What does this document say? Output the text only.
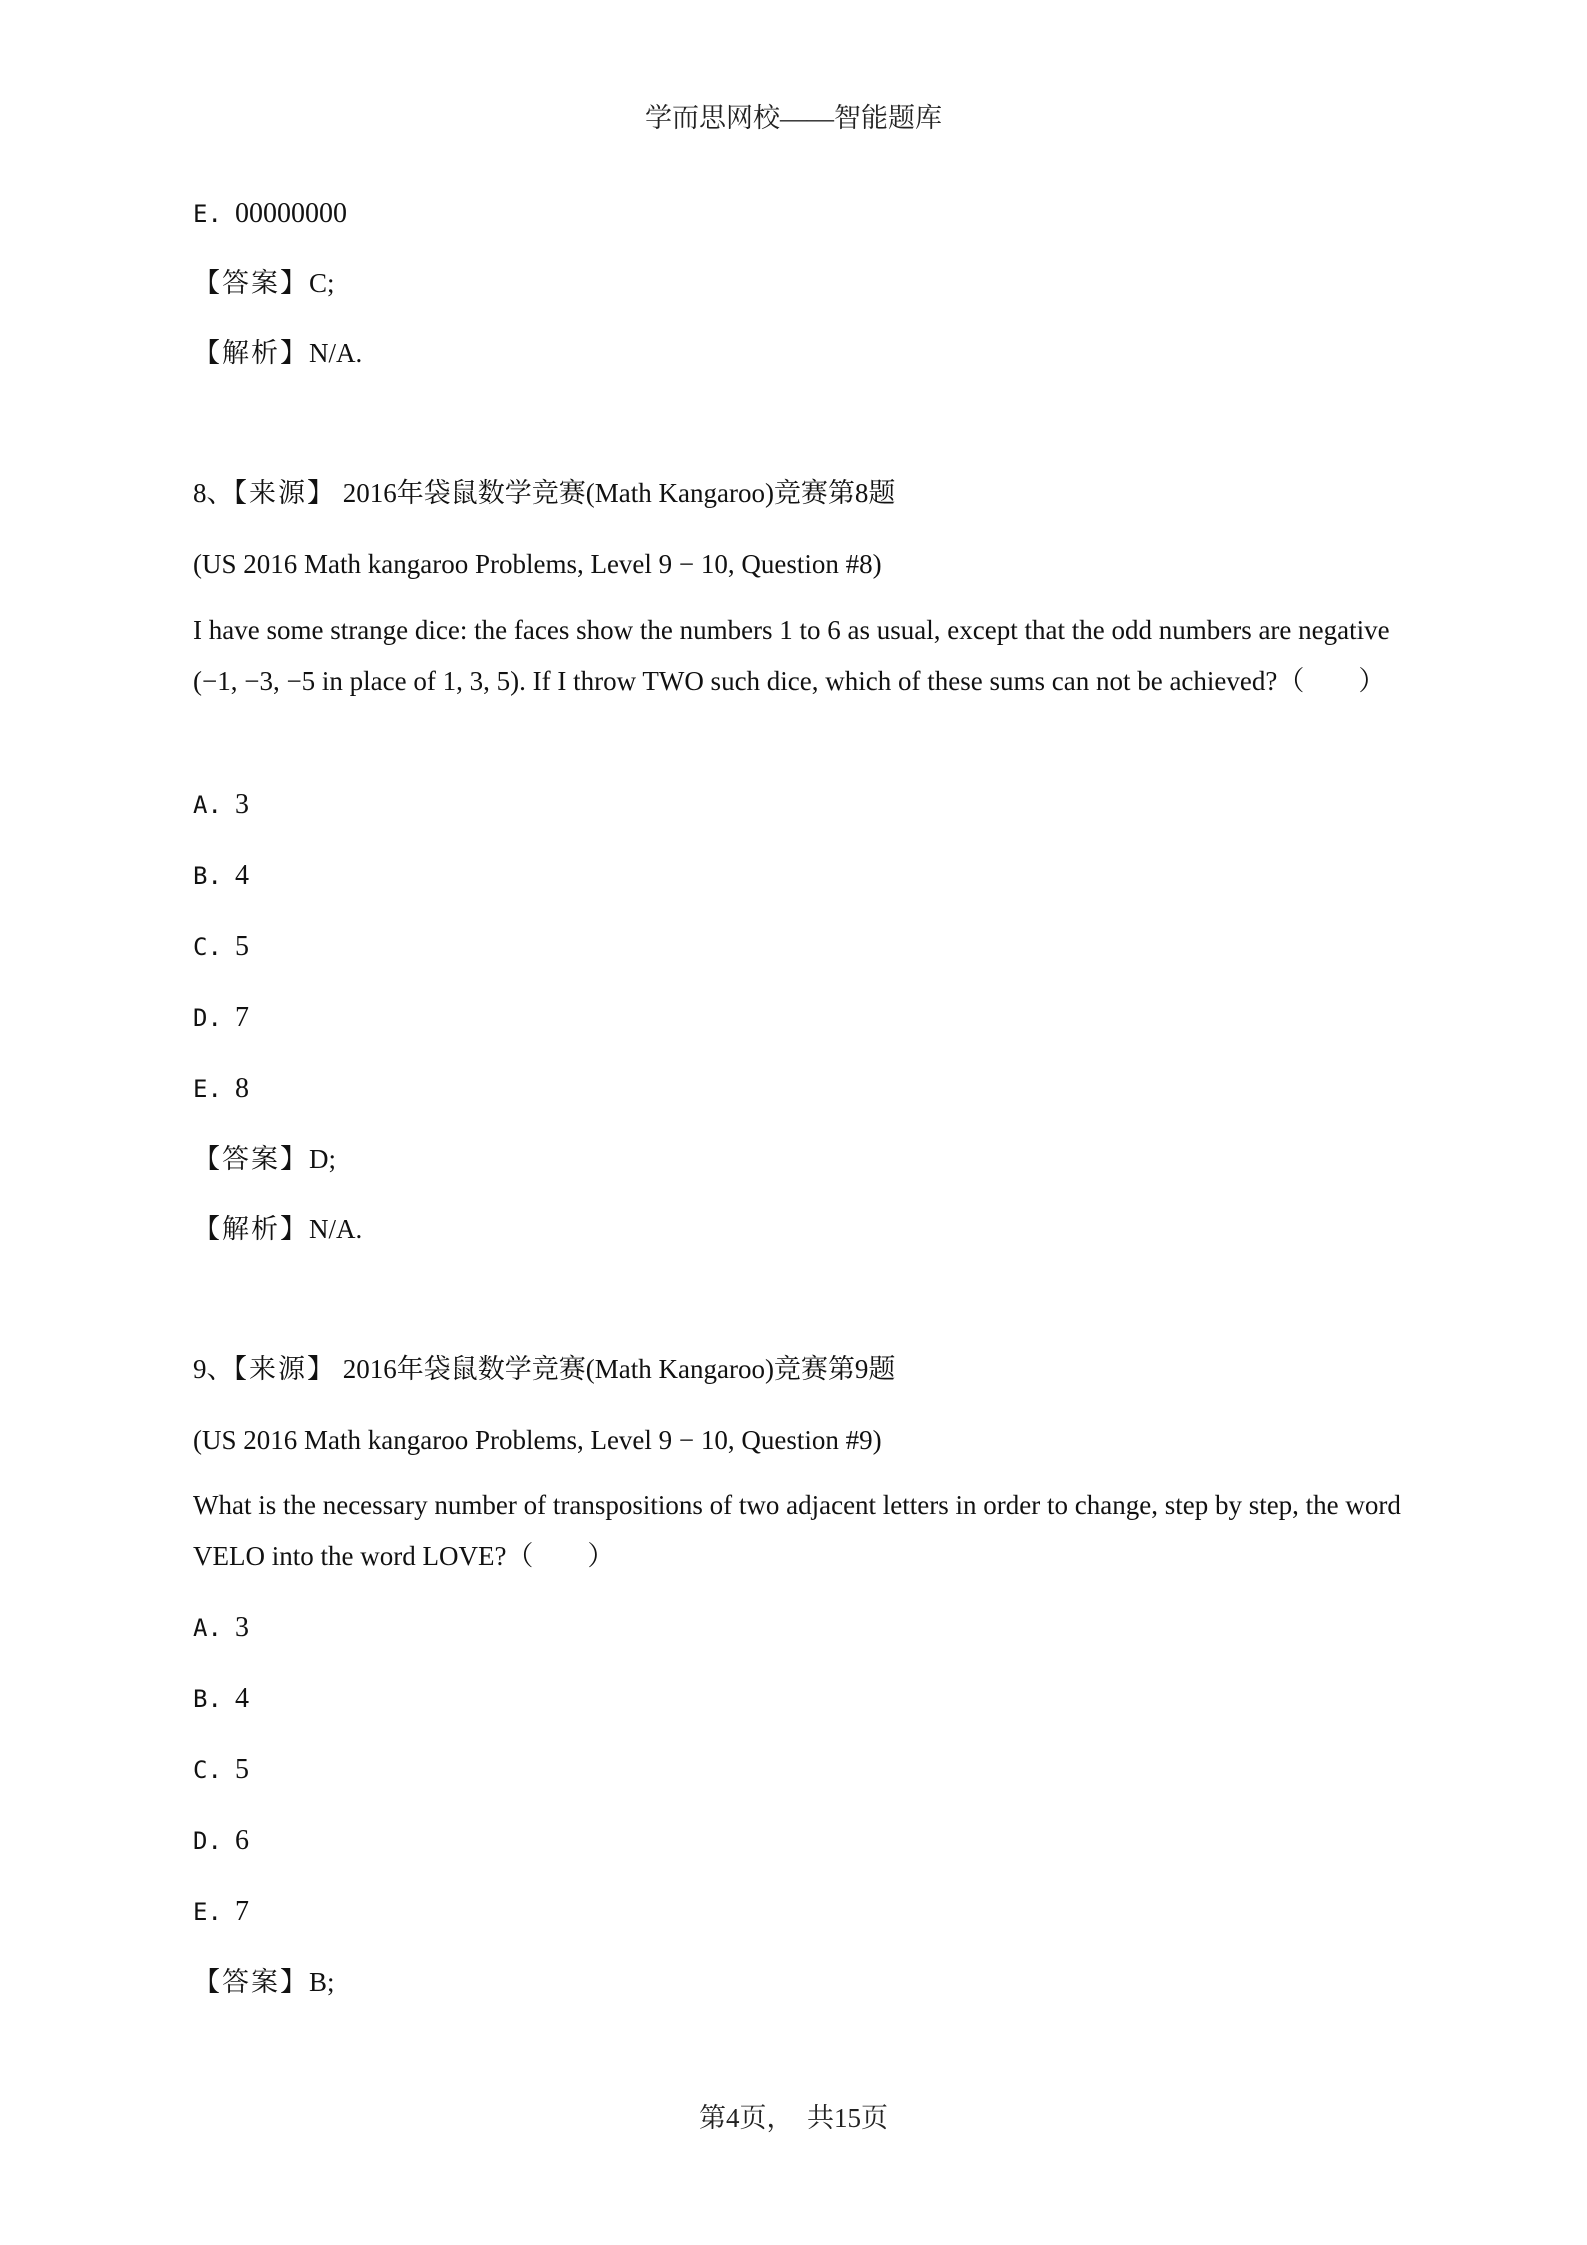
学而思网校——智能题库
E. 00000000
【答案】C;
【解析】N/A.
8、【来源】 2016年袋鼠数学竞赛(Math Kangaroo)竞赛第8题
(US 2016 Math kangaroo Problems, Level 9 − 10, Question #8)
I have some strange dice: the faces show the numbers 1 to 6 as usual, except that the odd numbers are negative (−1, −3, −5 in place of 1, 3, 5). If I throw TWO such dice, which of these sums can not be achieved?（　　）
A. 3
B. 4
C. 5
D. 7
E. 8
【答案】D;
【解析】N/A.
9、【来源】 2016年袋鼠数学竞赛(Math Kangaroo)竞赛第9题
(US 2016 Math kangaroo Problems, Level 9 − 10, Question #9)
What is the necessary number of transpositions of two adjacent letters in order to change, step by step, the word VELO into the word LOVE?（　　）
A. 3
B. 4
C. 5
D. 6
E. 7
【答案】B;
第4页，　共15页
